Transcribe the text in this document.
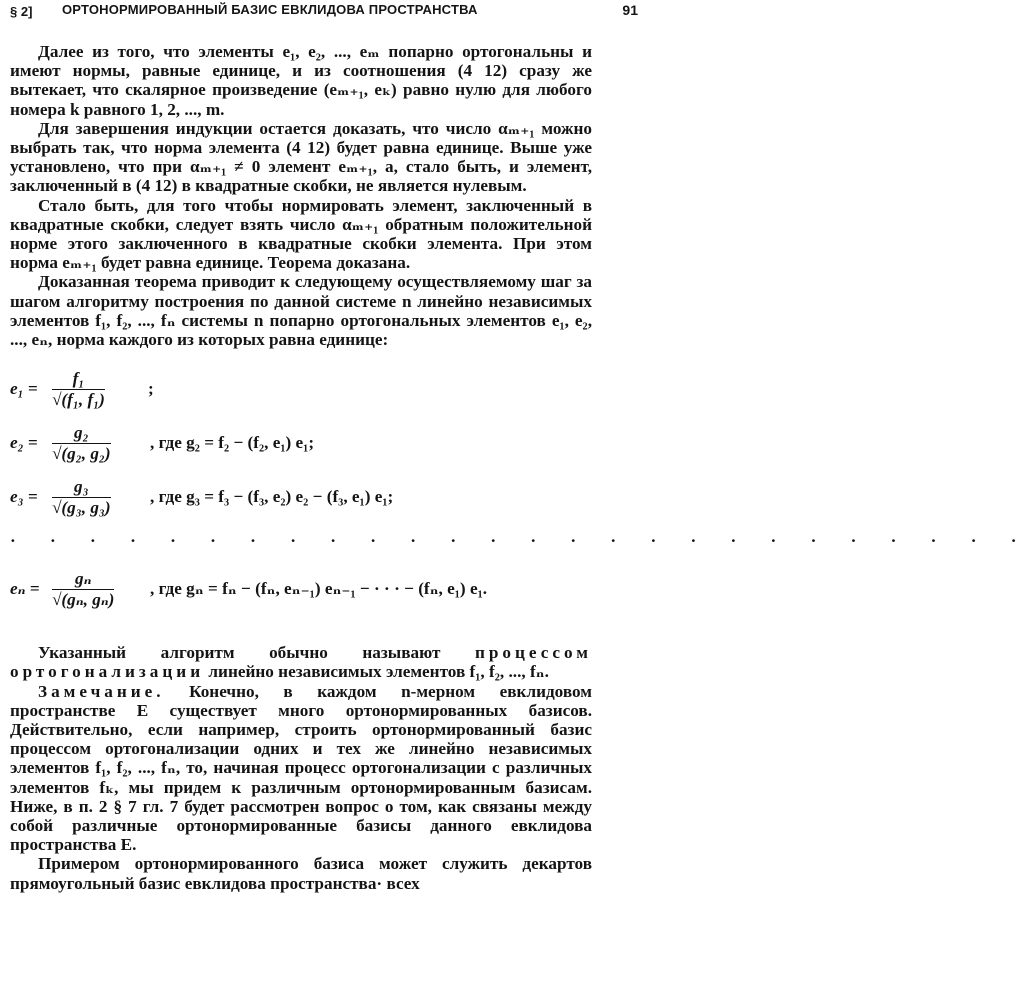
§ 2] ОРТОНОРМИРОВАННЫЙ БАЗИС ЕВКЛИДОВА ПРОСТРАНСТВА	91

Далее из того, что элементы e₁, e₂, ..., eₘ попарно ортогональны и имеют нормы, равные единице, и из соотношения (4 12) сразу же вытекает, что скалярное произведение (eₘ₊₁, eₖ) равно нулю для любого номера k равного 1, 2, ..., m.

Для завершения индукции остается доказать, что число αₘ₊₁ можно выбрать так, что норма элемента (4 12) будет равна единице. Выше уже установлено, что при αₘ₊₁ ≠ 0 элемент eₘ₊₁, а, стало быть, и элемент, заключенный в (4 12) в квадратные скобки, не является нулевым.

Стало быть, для того чтобы нормировать элемент, заключенный в квадратные скобки, следует взять число αₘ₊₁ обратным положительной норме этого заключенного в квадратные скобки элемента. При этом норма eₘ₊₁ будет равна единице. Теорема доказана.

Доказанная теорема приводит к следующему осуществляемому шаг за шагом алгоритму построения по данной системе n линейно независимых элементов f₁, f₂, ..., fₙ системы n попарно ортогональных элементов e₁, e₂, ..., eₙ, норма каждого из которых равна единице:

$e_1 = \frac{\text{f₁}}{\text{√(f₁, f₁)}}$	;
$e_2 = \frac{\text{g₂}}{\text{√(g₂, g₂)}}$ , где g₂ = f₂ − (f₂, e₁) e₁;
$e_3 = \frac{\text{g₃}}{\text{√(g₃, g₃)}}$ , где g₃ = f₃ − (f₃, e₂) e₂ − (f₃, e₁) e₁;
· · · · · · · · · · · · · · · · · · · · · · · · · ·
$e_n = \frac{\text{gₙ}}{\text{√(gₙ, gₙ)}}$ , где gₙ = fₙ − (fₙ, eₙ₋₁) eₙ₋₁ − · · · − (fₙ, e₁) e₁.

Указанный алгоритм обычно называют процессом ортогонализации линейно независимых элементов f₁, f₂, ..., fₙ.

Замечание. Конечно, в каждом n-мерном евклидовом пространстве E существует много ортонормированных базисов. Действительно, если например, строить ортонормированный базис процессом ортогонализации одних и тех же линейно независимых элементов f₁, f₂, ..., fₙ, то, начиная процесс ортогонализации с различных элементов fₖ, мы придем к различным ортонормированным базисам. Ниже, в п. 2 § 7 гл. 7 будет рассмотрен вопрос о том, как связаны между собой различные ортонормированные базисы данного евклидова пространства E.

Примером ортонормированного базиса может служить декартов прямоугольный базис евклидова пространства· всех
